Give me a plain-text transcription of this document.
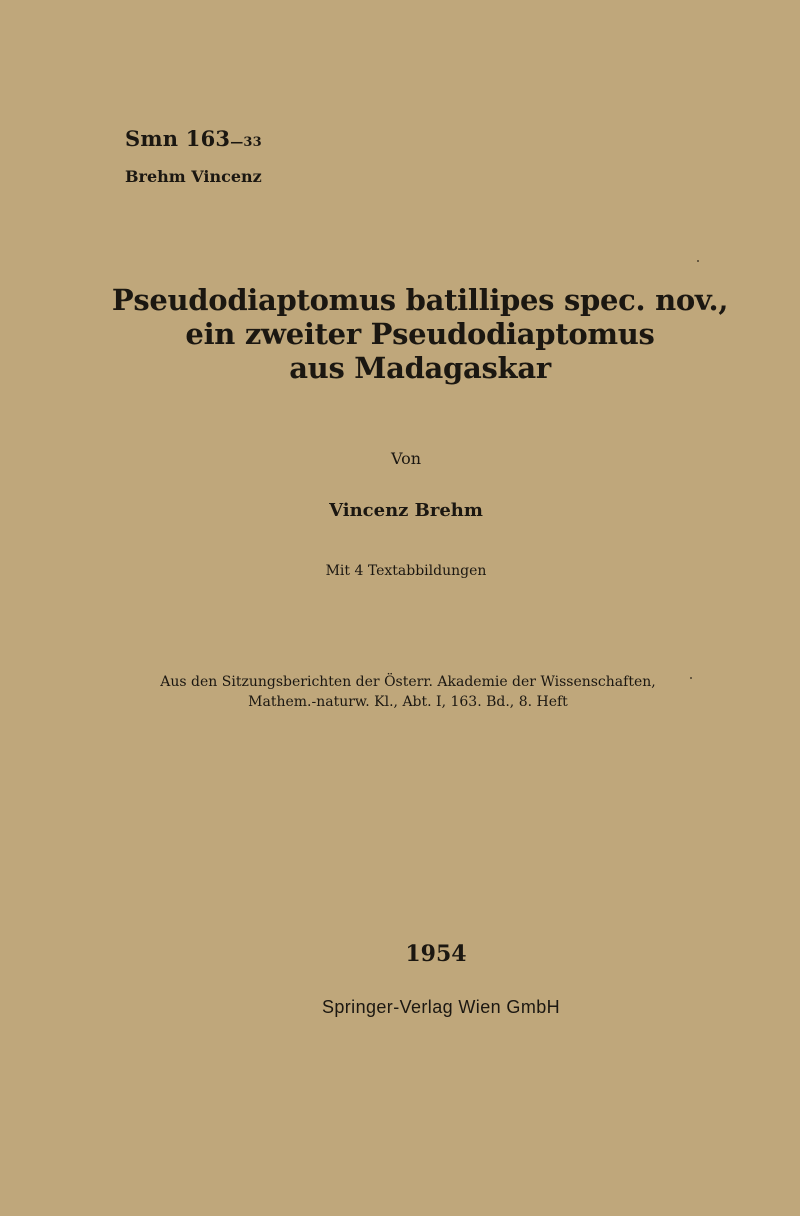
Smn 163—33
Brehm Vincenz
Pseudodiaptomus batillipes spec. nov.,
ein zweiter Pseudodiaptomus
aus Madagaskar
Von
Vincenz Brehm
Mit 4 Textabbildungen
Aus den Sitzungsberichten der Österr. Akademie der Wissenschaften,
Mathem.-naturw. Kl., Abt. I, 163. Bd., 8. Heft
1954
Springer-Verlag Wien GmbH
